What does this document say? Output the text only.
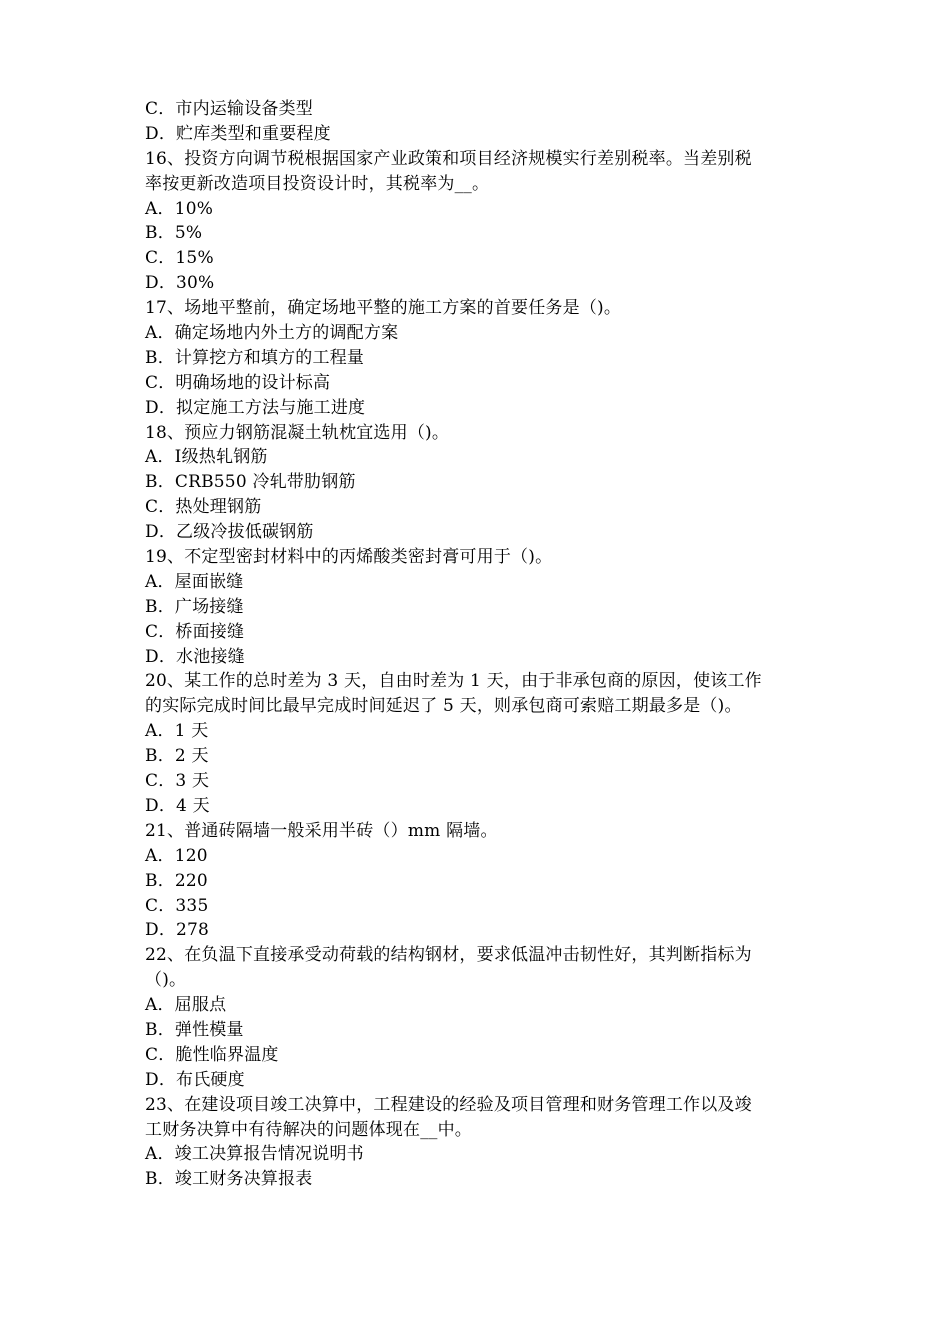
C．市内运输设备类型
D．贮库类型和重要程度
16、投资方向调节税根据国家产业政策和项目经济规模实行差别税率。当差别税
率按更新改造项目投资设计时，其税率为__。
A．10%
B．5%
C．15%
D．30%
17、场地平整前，确定场地平整的施工方案的首要任务是（)。
A．确定场地内外土方的调配方案
B．计算挖方和填方的工程量
C．明确场地的设计标高
D．拟定施工方法与施工进度
18、预应力钢筋混凝土轨枕宜选用（)。
A．Ⅰ级热轧钢筋
B．CRB550 冷轧带肋钢筋
C．热处理钢筋
D．乙级冷拔低碳钢筋
19、不定型密封材料中的丙烯酸类密封膏可用于（)。
A．屋面嵌缝
B．广场接缝
C．桥面接缝
D．水池接缝
20、某工作的总时差为 3 天，自由时差为 1 天，由于非承包商的原因，使该工作
的实际完成时间比最早完成时间延迟了 5 天，则承包商可索赔工期最多是（)。
A．1 天
B．2 天
C．3 天
D．4 天
21、普通砖隔墙一般采用半砖（）mm 隔墙。
A．120
B．220
C．335
D．278
22、在负温下直接承受动荷载的结构钢材，要求低温冲击韧性好，其判断指标为
（)。
A．屈服点
B．弹性模量
C．脆性临界温度
D．布氏硬度
23、在建设项目竣工决算中，工程建设的经验及项目管理和财务管理工作以及竣
工财务决算中有待解决的问题体现在__中。
A．竣工决算报告情况说明书
B．竣工财务决算报表
